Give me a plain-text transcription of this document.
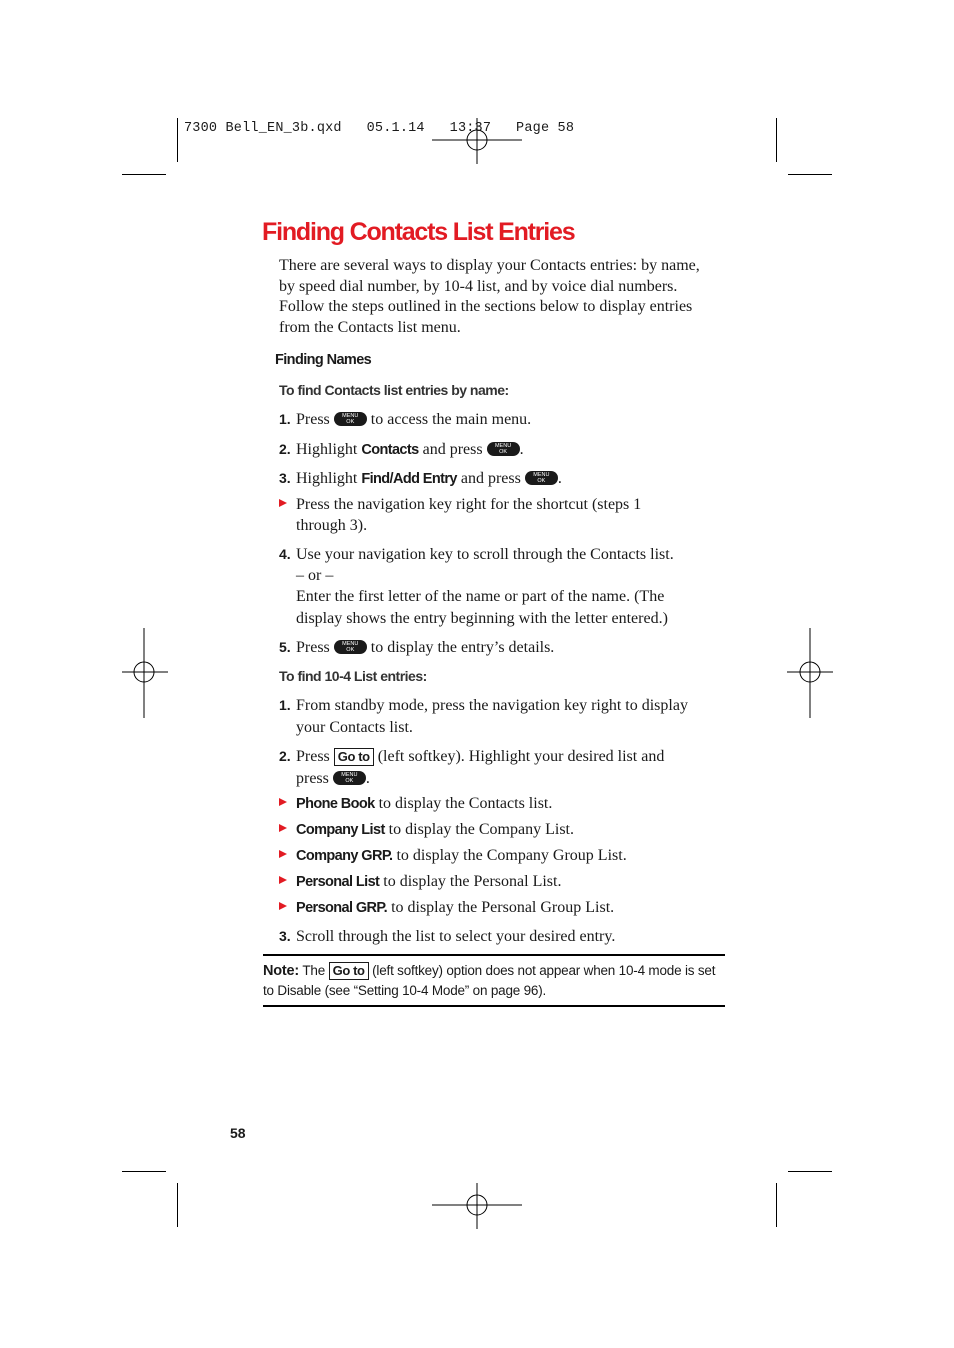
7300 Bell_EN_3b.qxd   05.1.14   13:37   Page 58
Finding Contacts List Entries
There are several ways to display your Contacts entries: by name, by speed dial number, by 10-4 list, and by voice dial numbers. Follow the steps outlined in the sections below to display entries from the Contacts list menu.
Finding Names
To find Contacts list entries by name:
1. Press	MENU
OK	to access the main menu.
2. Highlight Contacts and press	MENU
OK .
3. Highlight Find/Add Entry and press	MENU
OK .
Press the navigation key right for the shortcut (steps 1
through 3).
4. Use your navigation key to scroll through the Contacts list.
– or –
Enter the first letter of the name or part of the name. (The
display shows the entry beginning with the letter entered.)
5. Press	MENU
OK	to display the entry’s details.
To find 10-4 List entries:
1. From standby mode, press the navigation key right to display
your Contacts list.
2. Press Go to (left softkey). Highlight your desired list and
press	MENU
OK .
Phone Book to display the Contacts list.
Company List to display the Company List.
Company GRP. to display the Company Group List.
Personal List to display the Personal List.
Personal GRP. to display the Personal Group List.
3. Scroll through the list to select your desired entry.
Note: The Go to (left softkey) option does not appear when 10-4 mode is set to Disable (see “Setting 10-4 Mode” on page 96).
58
